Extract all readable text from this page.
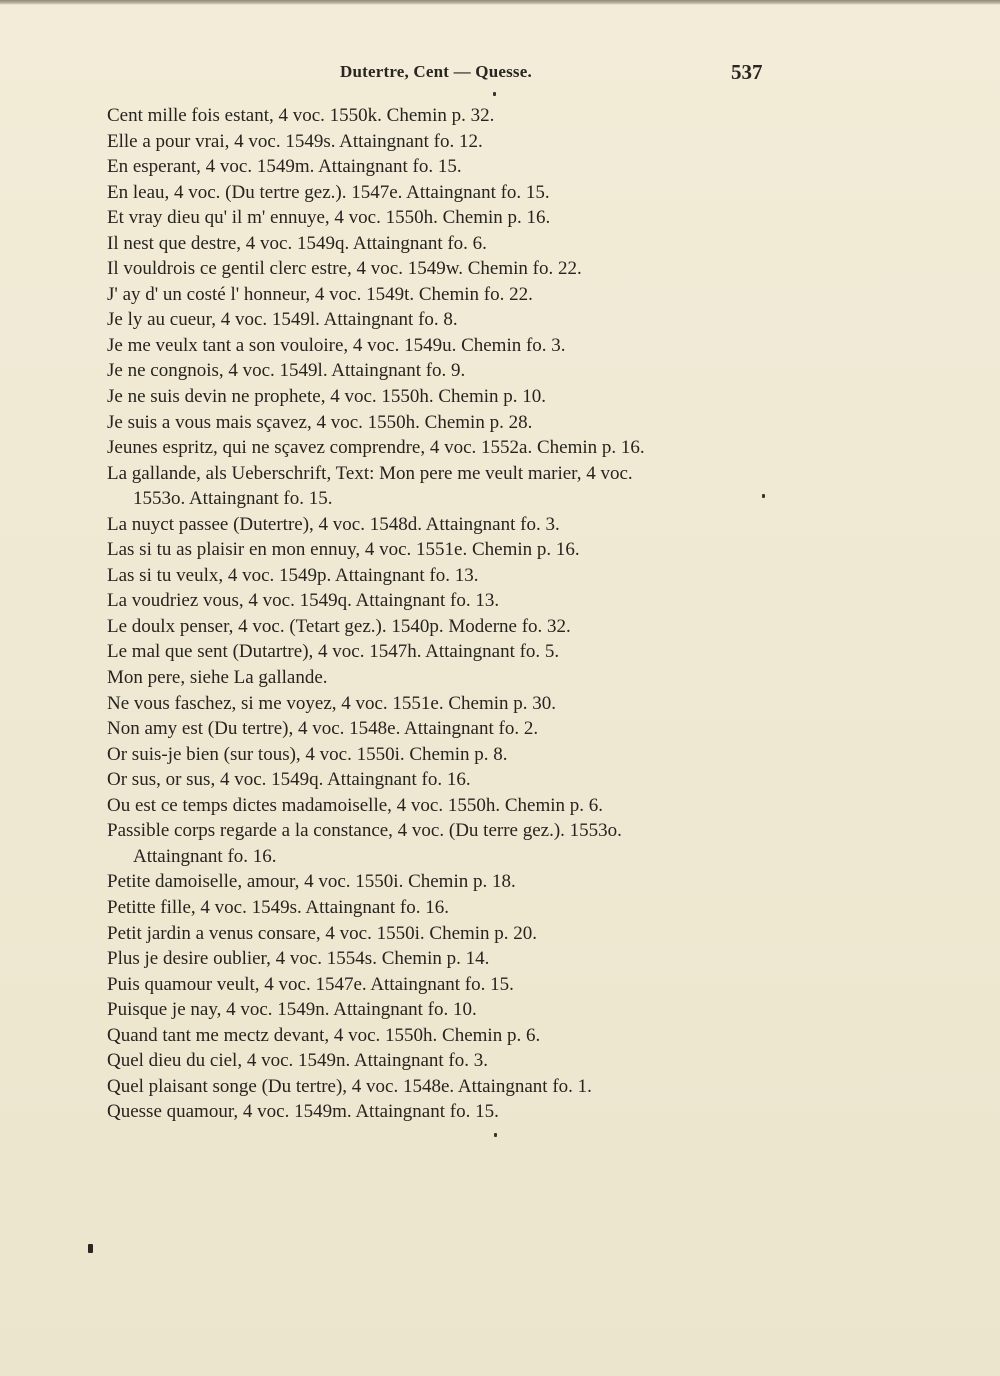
Dutertre, Cent — Quesse.	537
Cent mille fois estant, 4 voc. 1550k. Chemin p. 32.
Elle a pour vrai, 4 voc. 1549s. Attaingnant fo. 12.
En esperant, 4 voc. 1549m. Attaingnant fo. 15.
En leau, 4 voc. (Du tertre gez.). 1547e. Attaingnant fo. 15.
Et vray dieu qu' il m' ennuye, 4 voc. 1550h. Chemin p. 16.
Il nest que destre, 4 voc. 1549q. Attaingnant fo. 6.
Il vouldrois ce gentil clerc estre, 4 voc. 1549w. Chemin fo. 22.
J' ay d' un costé l' honneur, 4 voc. 1549t. Chemin fo. 22.
Je ly au cueur, 4 voc. 1549l. Attaingnant fo. 8.
Je me veulx tant a son vouloire, 4 voc. 1549u. Chemin fo. 3.
Je ne congnois, 4 voc. 1549l. Attaingnant fo. 9.
Je ne suis devin ne prophete, 4 voc. 1550h. Chemin p. 10.
Je suis a vous mais sçavez, 4 voc. 1550h. Chemin p. 28.
Jeunes espritz, qui ne sçavez comprendre, 4 voc. 1552a. Chemin p. 16.
La gallande, als Ueberschrift, Text: Mon pere me veult marier, 4 voc.
1553o. Attaingnant fo. 15.
La nuyct passee (Dutertre), 4 voc. 1548d. Attaingnant fo. 3.
Las si tu as plaisir en mon ennuy, 4 voc. 1551e. Chemin p. 16.
Las si tu veulx, 4 voc. 1549p. Attaingnant fo. 13.
La voudriez vous, 4 voc. 1549q. Attaingnant fo. 13.
Le doulx penser, 4 voc. (Tetart gez.). 1540p. Moderne fo. 32.
Le mal que sent (Dutartre), 4 voc. 1547h. Attaingnant fo. 5.
Mon pere, siehe La gallande.
Ne vous faschez, si me voyez, 4 voc. 1551e. Chemin p. 30.
Non amy est (Du tertre), 4 voc. 1548e. Attaingnant fo. 2.
Or suis-je bien (sur tous), 4 voc. 1550i. Chemin p. 8.
Or sus, or sus, 4 voc. 1549q. Attaingnant fo. 16.
Ou est ce temps dictes madamoiselle, 4 voc. 1550h. Chemin p. 6.
Passible corps regarde a la constance, 4 voc. (Du terre gez.). 1553o.
Attaingnant fo. 16.
Petite damoiselle, amour, 4 voc. 1550i. Chemin p. 18.
Petitte fille, 4 voc. 1549s. Attaingnant fo. 16.
Petit jardin a venus consare, 4 voc. 1550i. Chemin p. 20.
Plus je desire oublier, 4 voc. 1554s. Chemin p. 14.
Puis quamour veult, 4 voc. 1547e. Attaingnant fo. 15.
Puisque je nay, 4 voc. 1549n. Attaingnant fo. 10.
Quand tant me mectz devant, 4 voc. 1550h. Chemin p. 6.
Quel dieu du ciel, 4 voc. 1549n. Attaingnant fo. 3.
Quel plaisant songe (Du tertre), 4 voc. 1548e. Attaingnant fo. 1.
Quesse quamour, 4 voc. 1549m. Attaingnant fo. 15.
